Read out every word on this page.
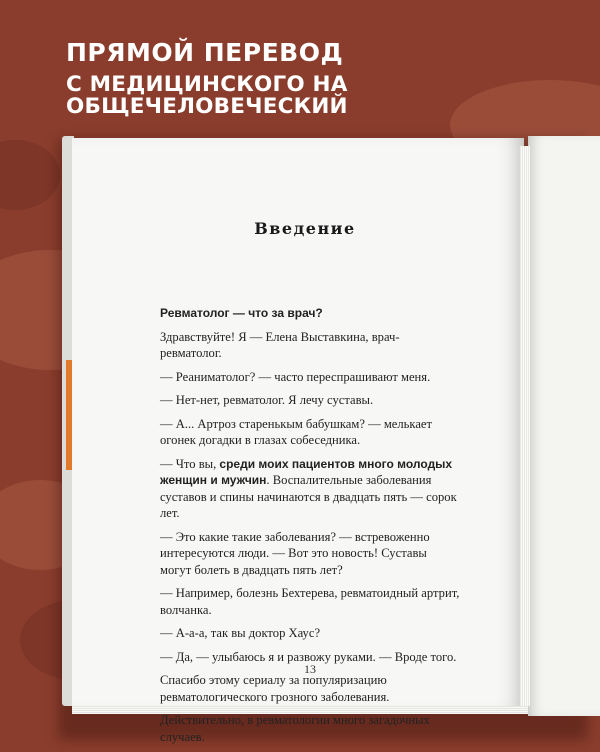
ПРЯМОЙ ПЕРЕВОД
С МЕДИЦИНСКОГО НА ОБЩЕЧЕЛОВЕЧЕСКИЙ
Введение

Ревматолог — что за врач?

Здравствуйте! Я — Елена Выставкина, врач-ревматолог.

— Реаниматолог? — часто переспрашивают меня.

— Нет-нет, ревматолог. Я лечу суставы.

— А... Артроз старенькым бабушкам? — мелькает огонек догадки в глазах собеседника.

— Что вы, среди моих пациентов много молодых женщин и мужчин. Воспалительные заболевания суставов и спины начинаются в двадцать пять — сорок лет.

— Это какие такие заболевания? — встревоженно интересуются люди. — Вот это новость! Суставы могут болеть в двадцать пять лет?

— Например, болезнь Бехтерева, ревматоидный артрит, волчанка.

— А-а-а, так вы доктор Хаус?

— Да, — улыбаюсь я и развожу руками. — Вроде того.

Спасибо этому сериалу за популяризацию ревматологического грозного заболевания.

Действительно, в ревматологии много загадочных случаев.

13
